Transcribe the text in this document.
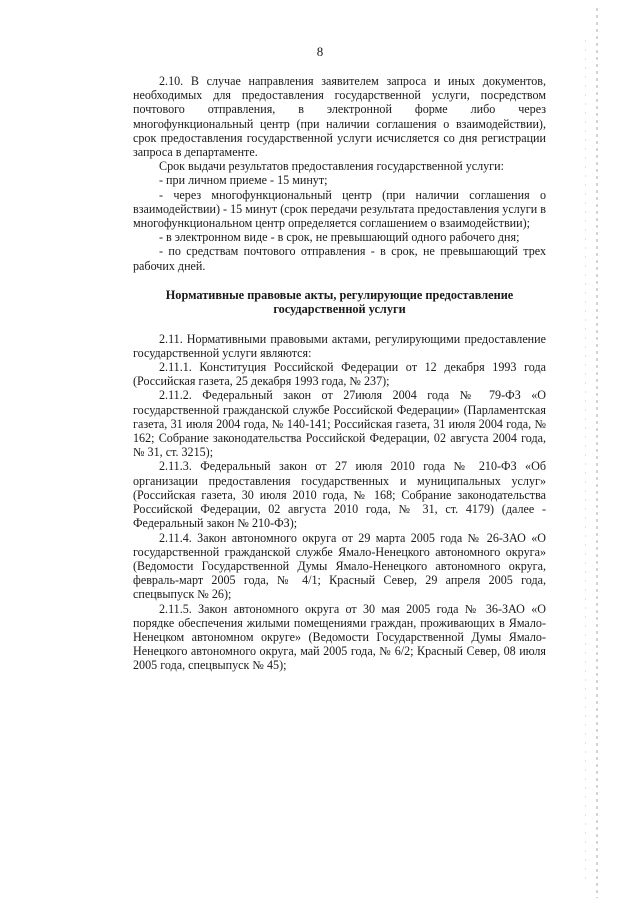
8

2.10. В случае направления заявителем запроса и иных документов, необходимых для предоставления государственной услуги, посредством почтового отправления, в электронной форме либо через многофункциональный центр (при наличии соглашения о взаимодействии), срок предоставления государственной услуги исчисляется со дня регистрации запроса в департаменте.

Срок выдачи результатов предоставления государственной услуги:

- при личном приеме - 15 минут;

- через многофункциональный центр (при наличии соглашения о взаимодействии) - 15 минут (срок передачи результата предоставления услуги в многофункциональном центр определяется соглашением о взаимодействии);

- в электронном виде - в срок, не превышающий одного рабочего дня;

- по средствам почтового отправления - в срок, не превышающий трех рабочих дней.

Нормативные правовые акты, регулирующие предоставление государственной услуги

2.11. Нормативными правовыми актами, регулирующими предоставление государственной услуги являются:

2.11.1. Конституция Российской Федерации от 12 декабря 1993 года (Российская газета, 25 декабря 1993 года, № 237);

2.11.2. Федеральный закон от 27июля 2004 года № 79-ФЗ «О государственной гражданской службе Российской Федерации» (Парламентская газета, 31 июля 2004 года, № 140-141; Российская газета, 31 июля 2004 года, № 162; Собрание законодательства Российской Федерации, 02 августа 2004 года, № 31, ст. 3215);

2.11.3. Федеральный закон от 27 июля 2010 года № 210-ФЗ «Об организации предоставления государственных и муниципальных услуг» (Российская газета, 30 июля 2010 года, № 168; Собрание законодательства Российской Федерации, 02 августа 2010 года, № 31, ст. 4179) (далее - Федеральный закон № 210-ФЗ);

2.11.4. Закон автономного округа от 29 марта 2005 года № 26-ЗАО «О государственной гражданской службе Ямало-Ненецкого автономного округа» (Ведомости Государственной Думы Ямало-Ненецкого автономного округа, февраль-март 2005 года, № 4/1; Красный Север, 29 апреля 2005 года, спецвыпуск № 26);

2.11.5. Закон автономного округа от 30 мая 2005 года № 36-ЗАО «О порядке обеспечения жилыми помещениями граждан, проживающих в Ямало-Ненецком автономном округе» (Ведомости Государственной Думы Ямало-Ненецкого автономного округа, май 2005 года, № 6/2; Красный Север, 08 июля 2005 года, спецвыпуск № 45);
